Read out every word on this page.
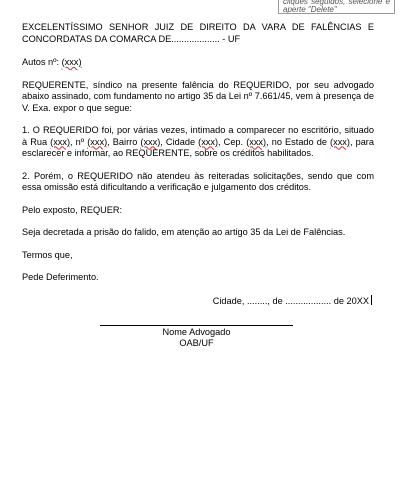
cliques seguidos, selecione e aperte "Delete"

EXCELENTÍSSIMO SENHOR JUIZ DE DIREITO DA VARA DE FALÊNCIAS E CONCORDATAS DA COMARCA DE................... - UF

Autos nº: (xxx)

REQUERENTE, síndico na presente falência do REQUERIDO, por seu advogado abaixo assinado, com fundamento no artigo 35 da Lei nº 7.661/45, vem à presença de V. Exa. expor o que segue:

1. O REQUERIDO foi, por várias vezes, intimado a comparecer no escritório, situado à Rua (xxx), nº (xxx), Bairro (xxx), Cidade (xxx), Cep. (xxx), no Estado de (xxx), para esclarecer e informar, ao REQUERENTE, sobre os créditos habilitados.

2. Porém, o REQUERIDO não atendeu às reiteradas solicitações, sendo que com essa omissão está dificultando a verificação e julgamento dos créditos.

Pelo exposto, REQUER:

Seja decretada a prisão do falido, em atenção ao artigo 35 da Lei de Falências.

Termos que,

Pede Deferimento.

Cidade, ........, de .................. de 20XX

Nome Advogado
OAB/UF
